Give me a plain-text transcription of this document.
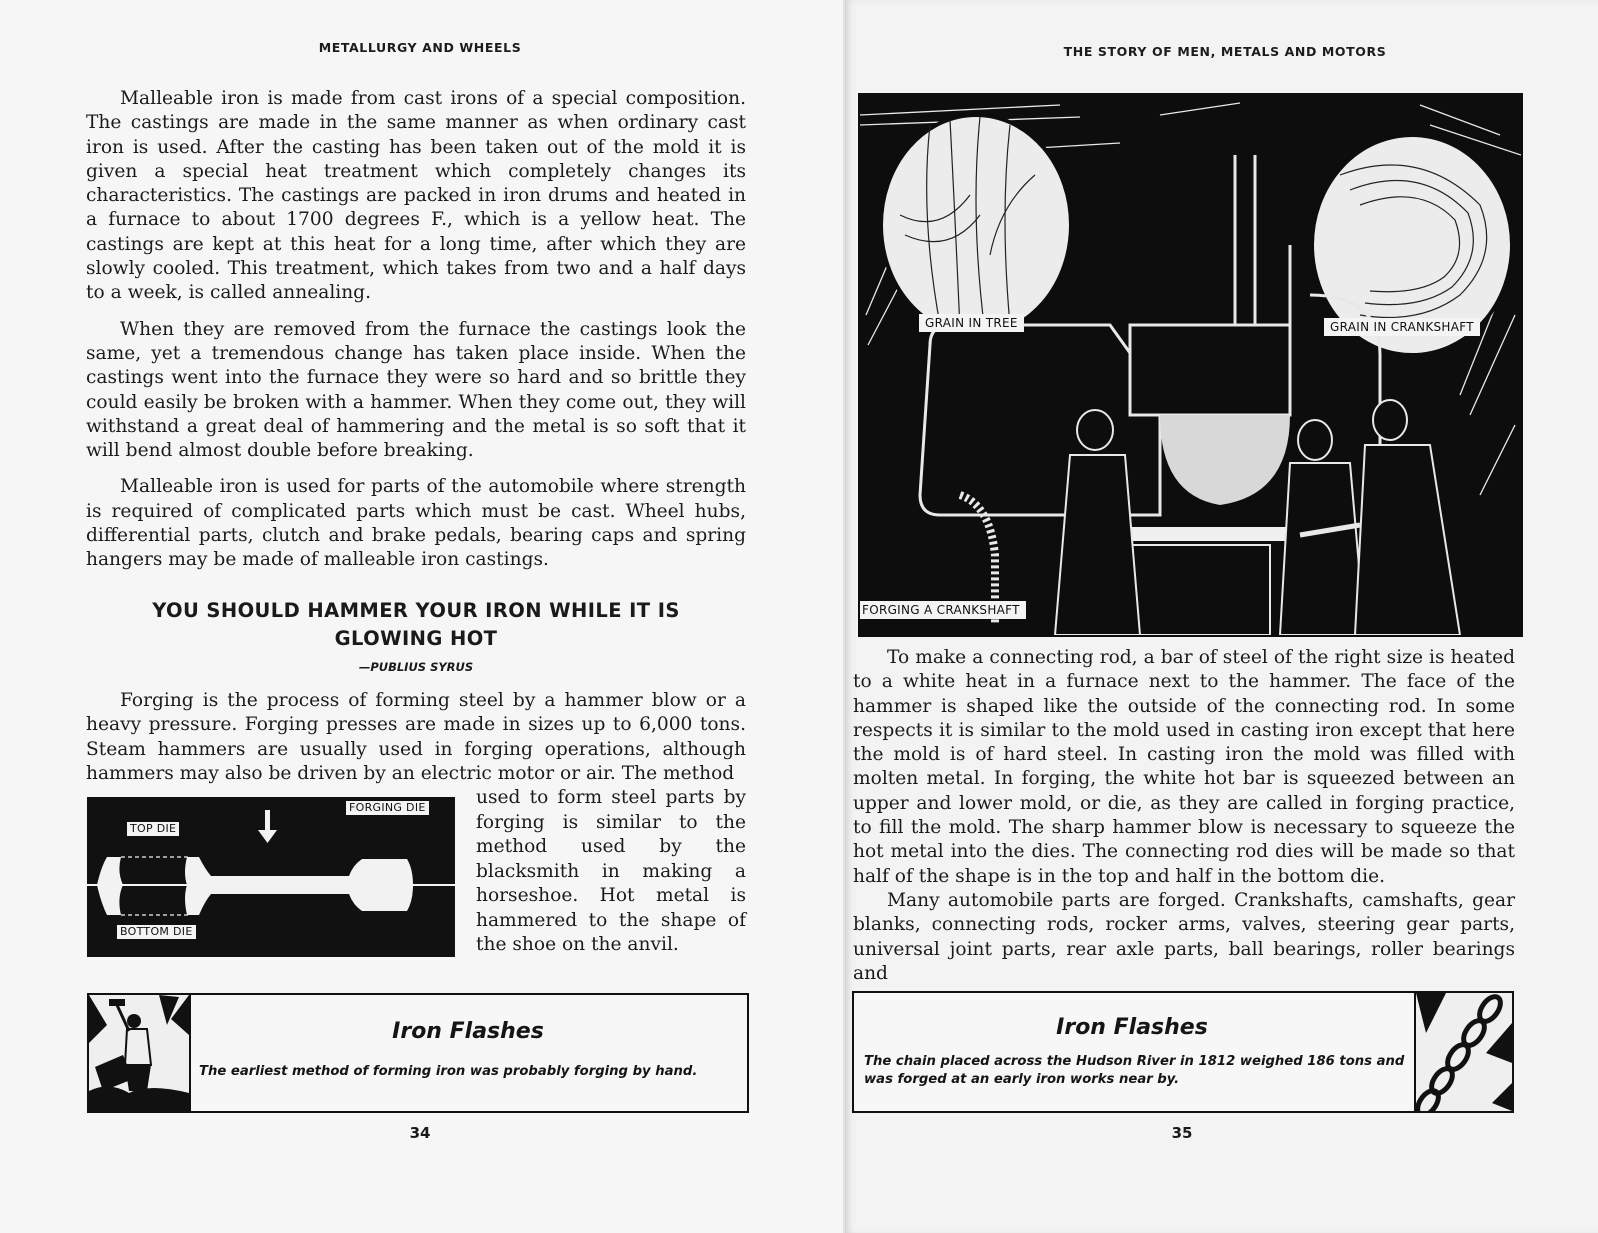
METALLURGY AND WHEELS

Malleable iron is made from cast irons of a special composition. The castings are made in the same manner as when ordinary cast iron is used. After the casting has been taken out of the mold it is given a special heat treatment which completely changes its characteristics. The castings are packed in iron drums and heated in a furnace to about 1700 degrees F., which is a yellow heat. The castings are kept at this heat for a long time, after which they are slowly cooled. This treatment, which takes from two and a half days to a week, is called annealing.

When they are removed from the furnace the castings look the same, yet a tremendous change has taken place inside. When the castings went into the furnace they were so hard and so brittle they could easily be broken with a hammer. When they come out, they will withstand a great deal of hammering and the metal is so soft that it will bend almost double before breaking.

Malleable iron is used for parts of the automobile where strength is required of complicated parts which must be cast. Wheel hubs, differential parts, clutch and brake pedals, bearing caps and spring hangers may be made of malleable iron castings.

YOU SHOULD HAMMER YOUR IRON WHILE IT IS
GLOWING HOT
—PUBLIUS SYRUS

Forging is the process of forming steel by a hammer blow or a heavy pressure. Forging presses are made in sizes up to 6,000 tons. Steam hammers are usually used in forging operations, although hammers may also be driven by an electric motor or air. The method

FORGING DIE
TOP DIE
BOTTOM DIE
used to form steel parts by forging is similar to the method used by the blacksmith in making a horseshoe. Hot metal is hammered to the shape of the shoe on the anvil.
Iron Flashes
The earliest method of forming iron was probably forging by hand.
34
THE STORY OF MEN, METALS AND MOTORS
GRAIN IN TREE	GRAIN IN CRANKSHAFT
FORGING A CRANKSHAFT

To make a connecting rod, a bar of steel of the right size is heated to a white heat in a furnace next to the hammer. The face of the hammer is shaped like the outside of the connecting rod. In some respects it is similar to the mold used in casting iron except that here the mold is of hard steel. In casting iron the mold was filled with molten metal. In forging, the white hot bar is squeezed between an upper and lower mold, or die, as they are called in forging practice, to fill the mold. The sharp hammer blow is necessary to squeeze the hot metal into the dies. The connecting rod dies will be made so that half of the shape is in the top and half in the bottom die.

Many automobile parts are forged. Crankshafts, camshafts, gear blanks, connecting rods, rocker arms, valves, steering gear parts, universal joint parts, rear axle parts, ball bearings, roller bearings and

Iron Flashes
The chain placed across the Hudson River in 1812 weighed 186 tons and was forged at an early iron works near by.
35
